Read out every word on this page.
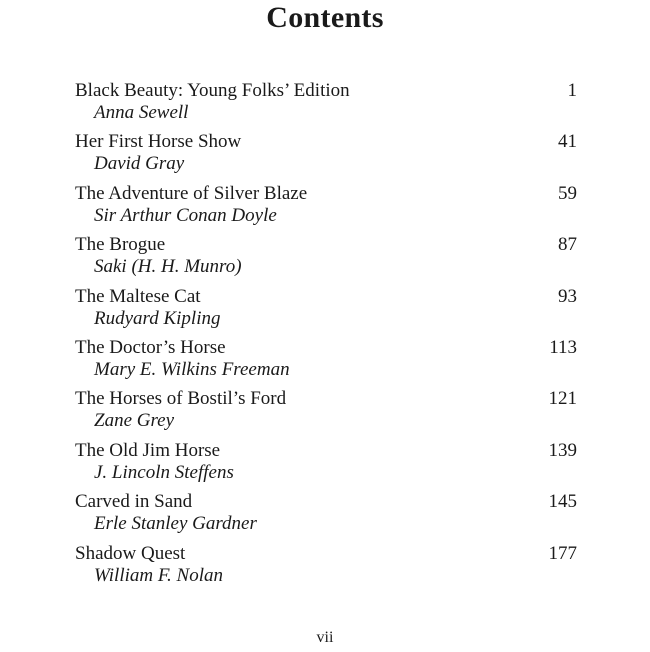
Contents
Black Beauty: Young Folks’ Edition	1
Anna Sewell
Her First Horse Show	41
David Gray
The Adventure of Silver Blaze	59
Sir Arthur Conan Doyle
The Brogue	87
Saki (H. H. Munro)
The Maltese Cat	93
Rudyard Kipling
The Doctor’s Horse	113
Mary E. Wilkins Freeman
The Horses of Bostil’s Ford	121
Zane Grey
The Old Jim Horse	139
J. Lincoln Steffens
Carved in Sand	145
Erle Stanley Gardner
Shadow Quest	177
William F. Nolan
vii
